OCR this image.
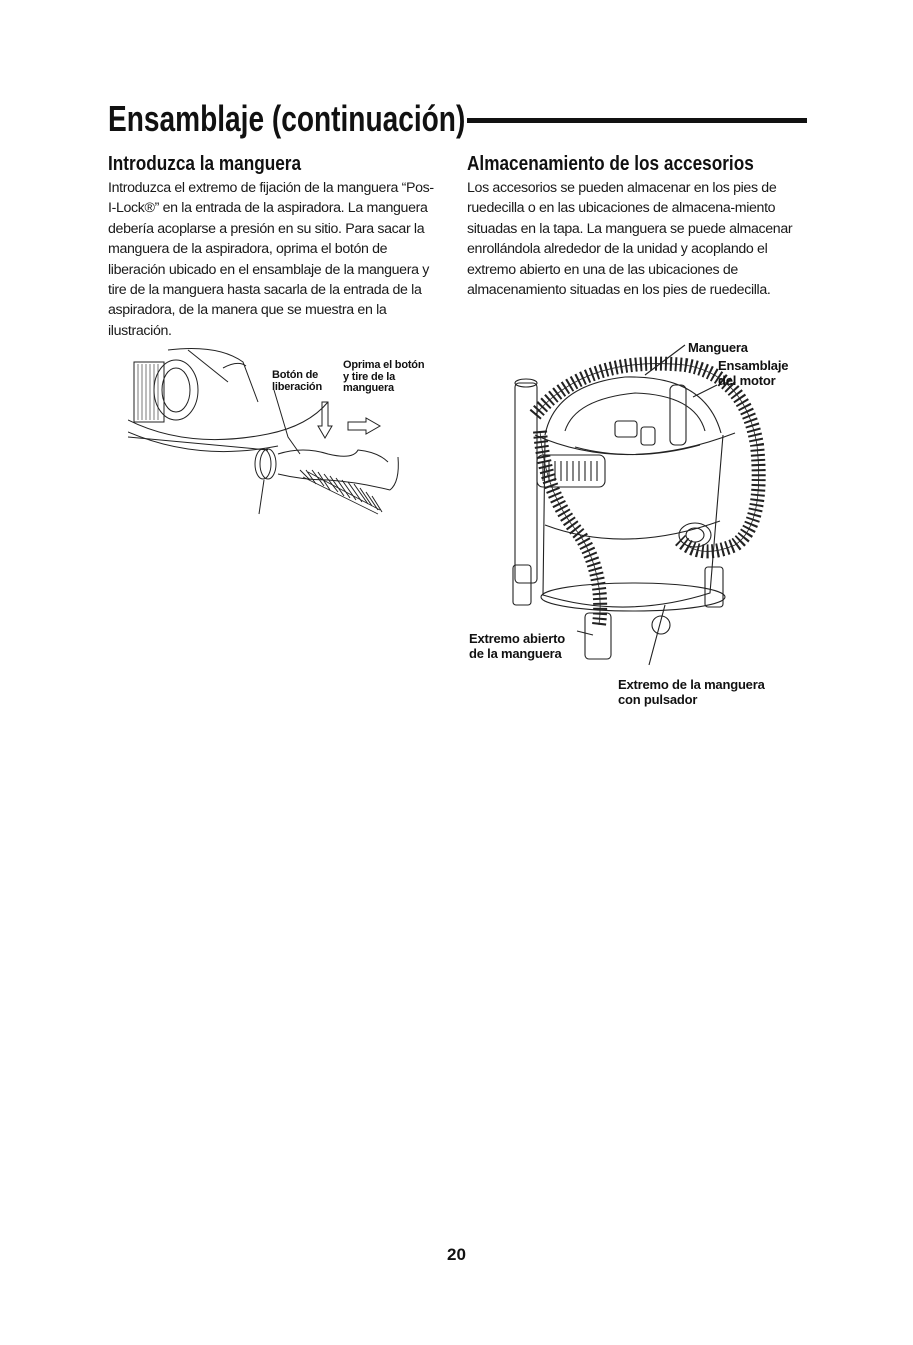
Ensamblaje (continuación)
Introduzca la manguera

Introduzca el extremo de fijación de la manguera “Pos-I-Lock®” en la entrada de la aspiradora. La manguera debería acoplarse a presión en su sitio. Para sacar la manguera de la aspiradora, oprima el botón de liberación ubicado en el ensamblaje de la manguera y tire de la manguera hasta sacarla de la entrada de la aspiradora, de la manera que se muestra en la ilustración.

Botón de
liberación

Oprima el botón
y tire de la
manguera

Almacenamiento de los accesorios

Los accesorios se pueden almacenar en los pies de ruedecilla o en las ubicaciones de almacena-miento situadas en la tapa. La manguera se puede almacenar enrollándola alrededor de la unidad y acoplando el extremo abierto en una de las ubicaciones de almacenamiento situadas en los pies de ruedecilla.

Manguera

Ensamblaje
del motor

Extremo abierto
de la manguera

Extremo de la manguera
con pulsador

20
